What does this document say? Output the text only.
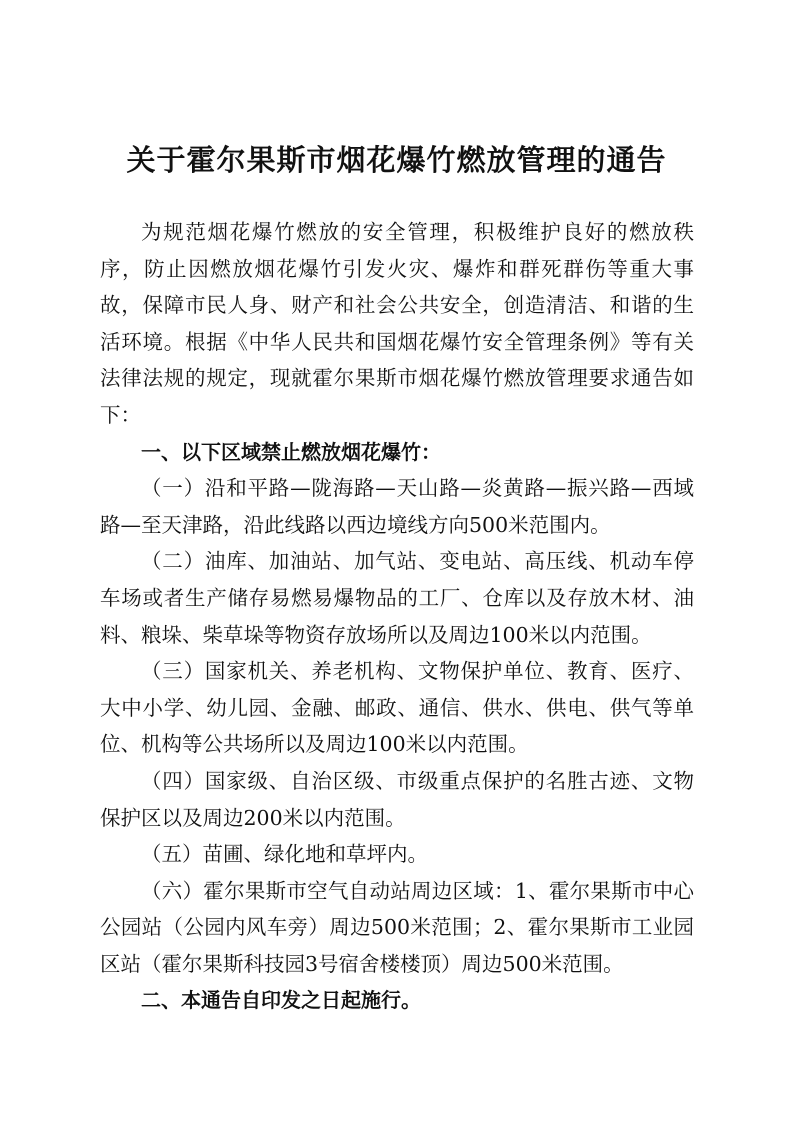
关于霍尔果斯市烟花爆竹燃放管理的通告

为规范烟花爆竹燃放的安全管理，积极维护良好的燃放秩序，防止因燃放烟花爆竹引发火灾、爆炸和群死群伤等重大事故，保障市民人身、财产和社会公共安全，创造清洁、和谐的生活环境。根据《中华人民共和国烟花爆竹安全管理条例》等有关法律法规的规定，现就霍尔果斯市烟花爆竹燃放管理要求通告如下：

一、以下区域禁止燃放烟花爆竹：

（一）沿和平路—陇海路—天山路—炎黄路—振兴路—西域路—至天津路，沿此线路以西边境线方向500米范围内。

（二）油库、加油站、加气站、变电站、高压线、机动车停车场或者生产储存易燃易爆物品的工厂、仓库以及存放木材、油料、粮垛、柴草垛等物资存放场所以及周边100米以内范围。

（三）国家机关、养老机构、文物保护单位、教育、医疗、大中小学、幼儿园、金融、邮政、通信、供水、供电、供气等单位、机构等公共场所以及周边100米以内范围。

（四）国家级、自治区级、市级重点保护的名胜古迹、文物保护区以及周边200米以内范围。

（五）苗圃、绿化地和草坪内。

（六）霍尔果斯市空气自动站周边区域：1、霍尔果斯市中心公园站（公园内风车旁）周边500米范围；2、霍尔果斯市工业园区站（霍尔果斯科技园3号宿舍楼楼顶）周边500米范围。

二、本通告自印发之日起施行。
